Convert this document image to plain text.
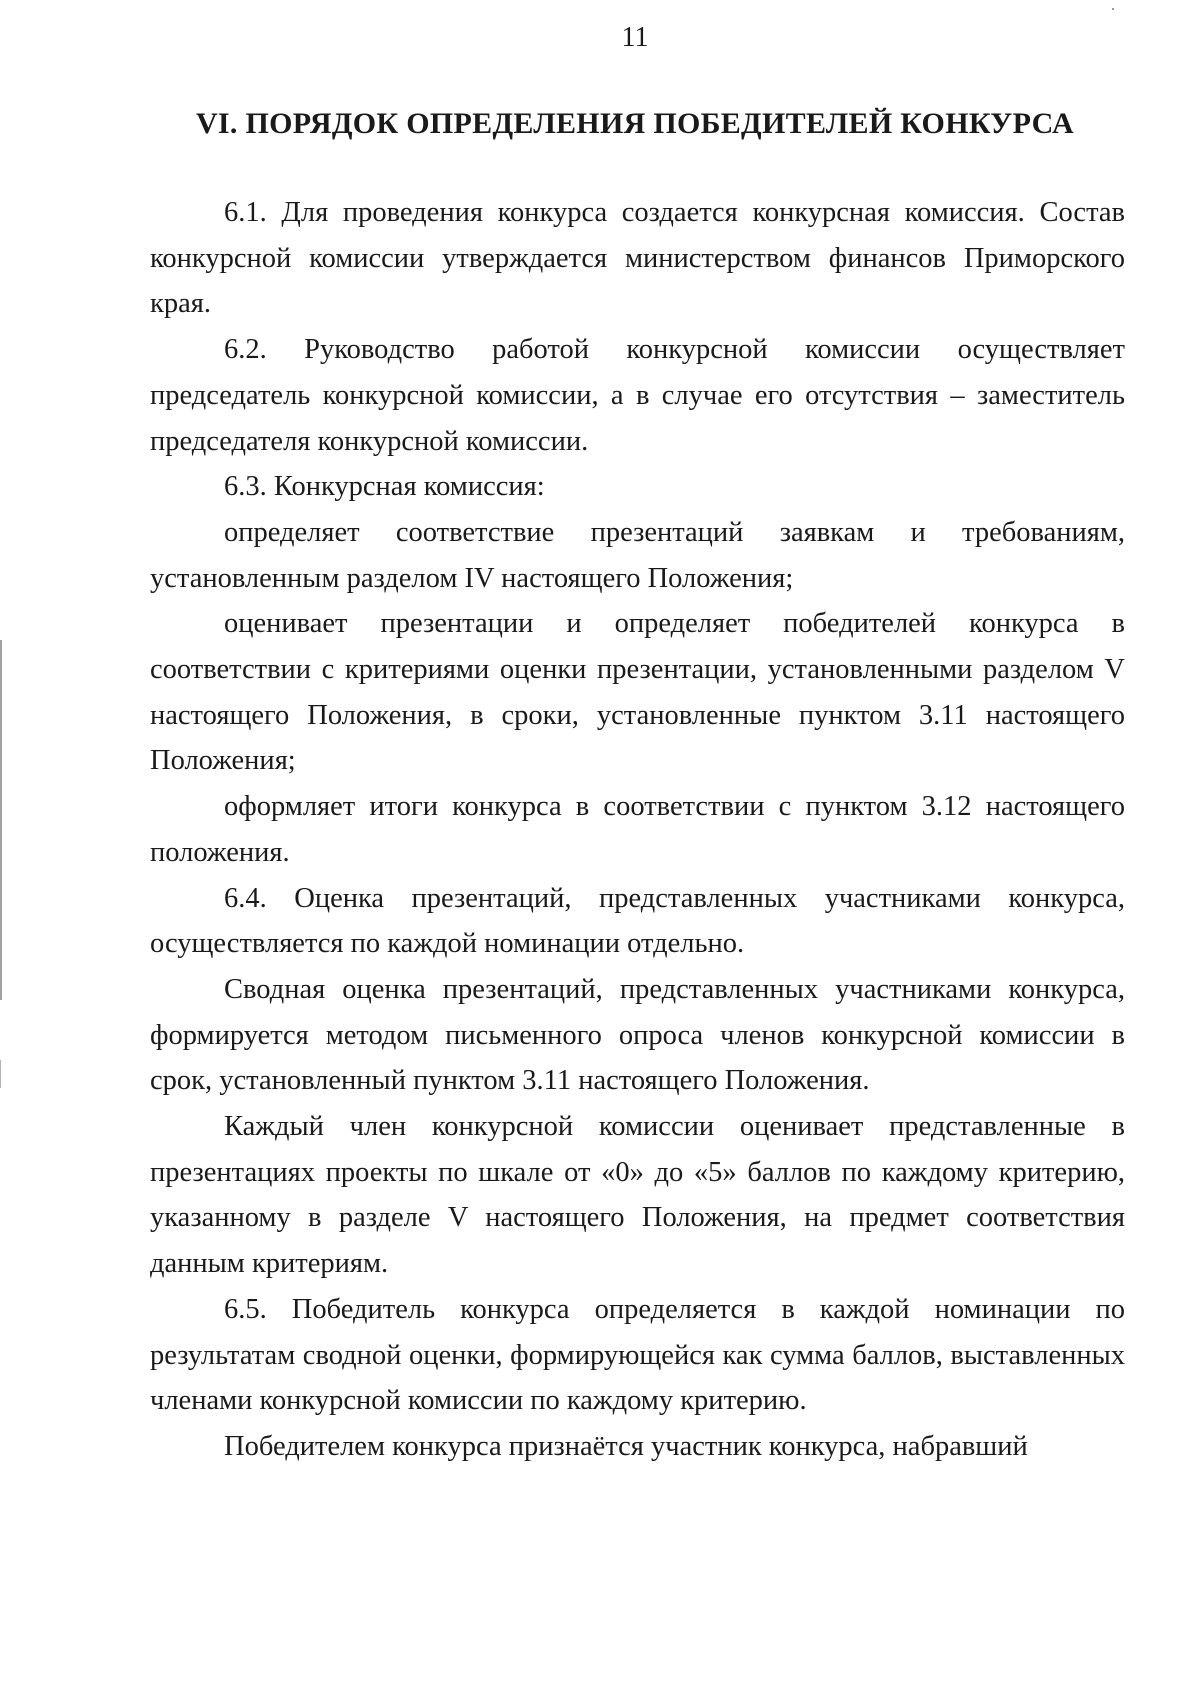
11
VI. ПОРЯДОК ОПРЕДЕЛЕНИЯ ПОБЕДИТЕЛЕЙ КОНКУРСА

6.1. Для проведения конкурса создается конкурсная комиссия. Состав конкурсной комиссии утверждается министерством финансов Приморского края.

6.2. Руководство работой конкурсной комиссии осуществляет председатель конкурсной комиссии, а в случае его отсутствия – заместитель председателя конкурсной комиссии.

6.3. Конкурсная комиссия:

определяет соответствие презентаций заявкам и требованиям, установленным разделом IV настоящего Положения;

оценивает презентации и определяет победителей конкурса в соответствии с критериями оценки презентации, установленными разделом V настоящего Положения, в сроки, установленные пунктом 3.11 настоящего Положения;

оформляет итоги конкурса в соответствии с пунктом 3.12 настоящего положения.

6.4. Оценка презентаций, представленных участниками конкурса, осуществляется по каждой номинации отдельно.

Сводная оценка презентаций, представленных участниками конкурса, формируется методом письменного опроса членов конкурсной комиссии в срок, установленный пунктом 3.11 настоящего Положения.

Каждый член конкурсной комиссии оценивает представленные в презентациях проекты по шкале от «0» до «5» баллов по каждому критерию, указанному в разделе V настоящего Положения, на предмет соответствия данным критериям.

6.5. Победитель конкурса определяется в каждой номинации по результатам сводной оценки, формирующейся как сумма баллов, выставленных членами конкурсной комиссии по каждому критерию.

Победителем конкурса признаётся участник конкурса, набравший
